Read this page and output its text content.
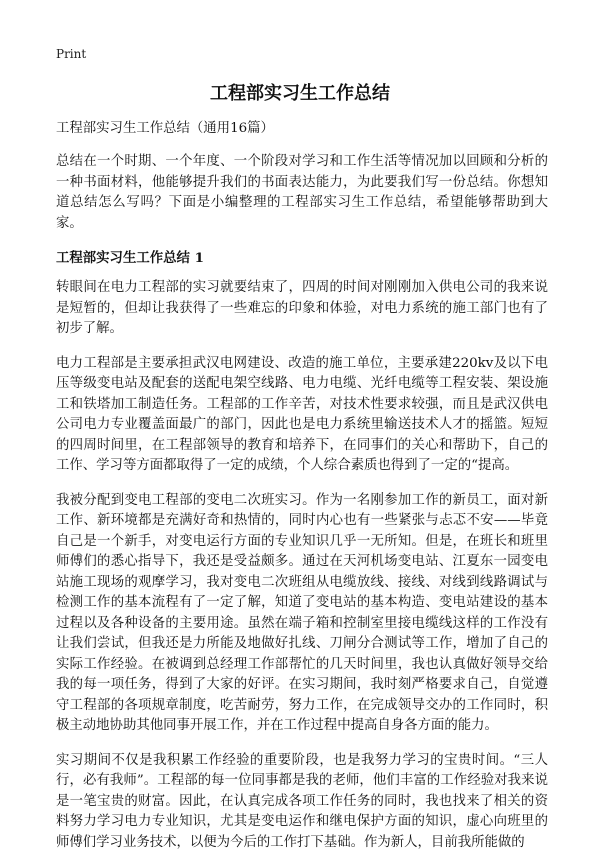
Print
工程部实习生工作总结

工程部实习生工作总结（通用16篇）

总结在一个时期、一个年度、一个阶段对学习和工作生活等情况加以回顾和分析的一种书面材料，他能够提升我们的书面表达能力，为此要我们写一份总结。你想知道总结怎么写吗？下面是小编整理的工程部实习生工作总结，希望能够帮助到大家。

工程部实习生工作总结 1

转眼间在电力工程部的实习就要结束了，四周的时间对刚刚加入供电公司的我来说是短暂的，但却让我获得了一些难忘的印象和体验，对电力系统的施工部门也有了初步了解。

电力工程部是主要承担武汉电网建设、改造的施工单位，主要承建220kv及以下电压等级变电站及配套的送配电架空线路、电力电缆、光纤电缆等工程安装、架设施工和铁塔加工制造任务。工程部的工作辛苦，对技术性要求较强，而且是武汉供电公司电力专业覆盖面最广的部门，因此也是电力系统里输送技术人才的摇篮。短短的四周时间里，在工程部领导的教育和培养下，在同事们的关心和帮助下，自己的工作、学习等方面都取得了一定的成绩，个人综合素质也得到了一定的“提高。

我被分配到变电工程部的变电二次班实习。作为一名刚参加工作的新员工，面对新工作、新环境都是充满好奇和热情的，同时内心也有一些紧张与忐忑不安——毕竟自己是一个新手，对变电运行方面的专业知识几乎一无所知。但是，在班长和班里师傅们的悉心指导下，我还是受益颇多。通过在天河机场变电站、江夏东一园变电站施工现场的观摩学习，我对变电二次班组从电缆放线、接线、对线到线路调试与检测工作的基本流程有了一定了解，知道了变电站的基本构造、变电站建设的基本过程以及各种设备的主要用途。虽然在端子箱和控制室里接电缆线这样的工作没有让我们尝试，但我还是力所能及地做好扎线、刀闸分合测试等工作，增加了自己的实际工作经验。在被调到总经理工作部帮忙的几天时间里，我也认真做好领导交给我的每一项任务，得到了大家的好评。在实习期间，我时刻严格要求自己，自觉遵守工程部的各项规章制度，吃苦耐劳，努力工作，在完成领导交办的工作同时，积极主动地协助其他同事开展工作，并在工作过程中提高自身各方面的能力。

实习期间不仅是我积累工作经验的重要阶段，也是我努力学习的宝贵时间。“三人行，必有我师”。工程部的每一位同事都是我的老师，他们丰富的工作经验对我来说是一笔宝贵的财富。因此，在认真完成各项工作任务的同时，我也找来了相关的资料努力学习电力专业知识，尤其是变电运作和继电保护方面的知识，虚心向班里的师傅们学习业务技术，以便为今后的工作打下基础。作为新人，目前我所能做的
